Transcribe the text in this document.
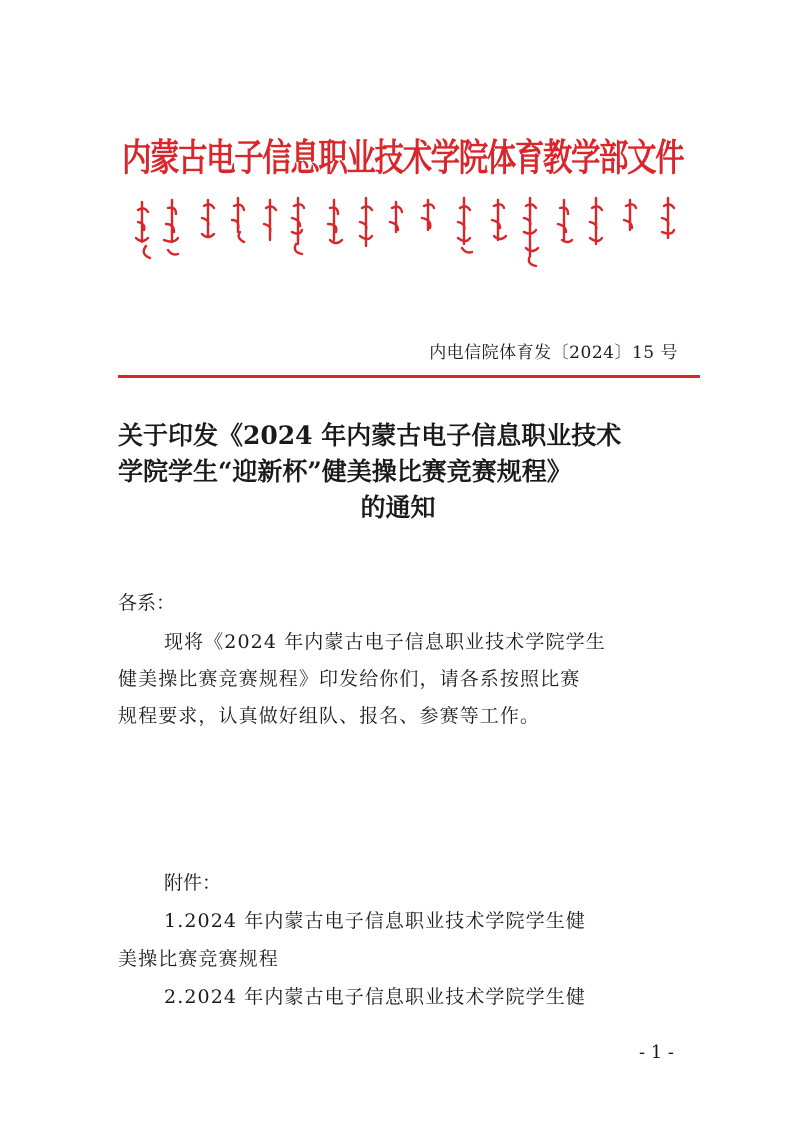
内蒙古电子信息职业技术学院体育教学部文件
内电信院体育发〔2024〕15 号
关于印发《2024 年内蒙古电子信息职业技术
学院学生“迎新杯”健美操比赛竞赛规程》
的通知
各系：
现将《2024 年内蒙古电子信息职业技术学院学生
健美操比赛竞赛规程》印发给你们，请各系按照比赛
规程要求，认真做好组队、报名、参赛等工作。
附件：
1.2024 年内蒙古电子信息职业技术学院学生健
美操比赛竞赛规程
2.2024 年内蒙古电子信息职业技术学院学生健
- 1 -
